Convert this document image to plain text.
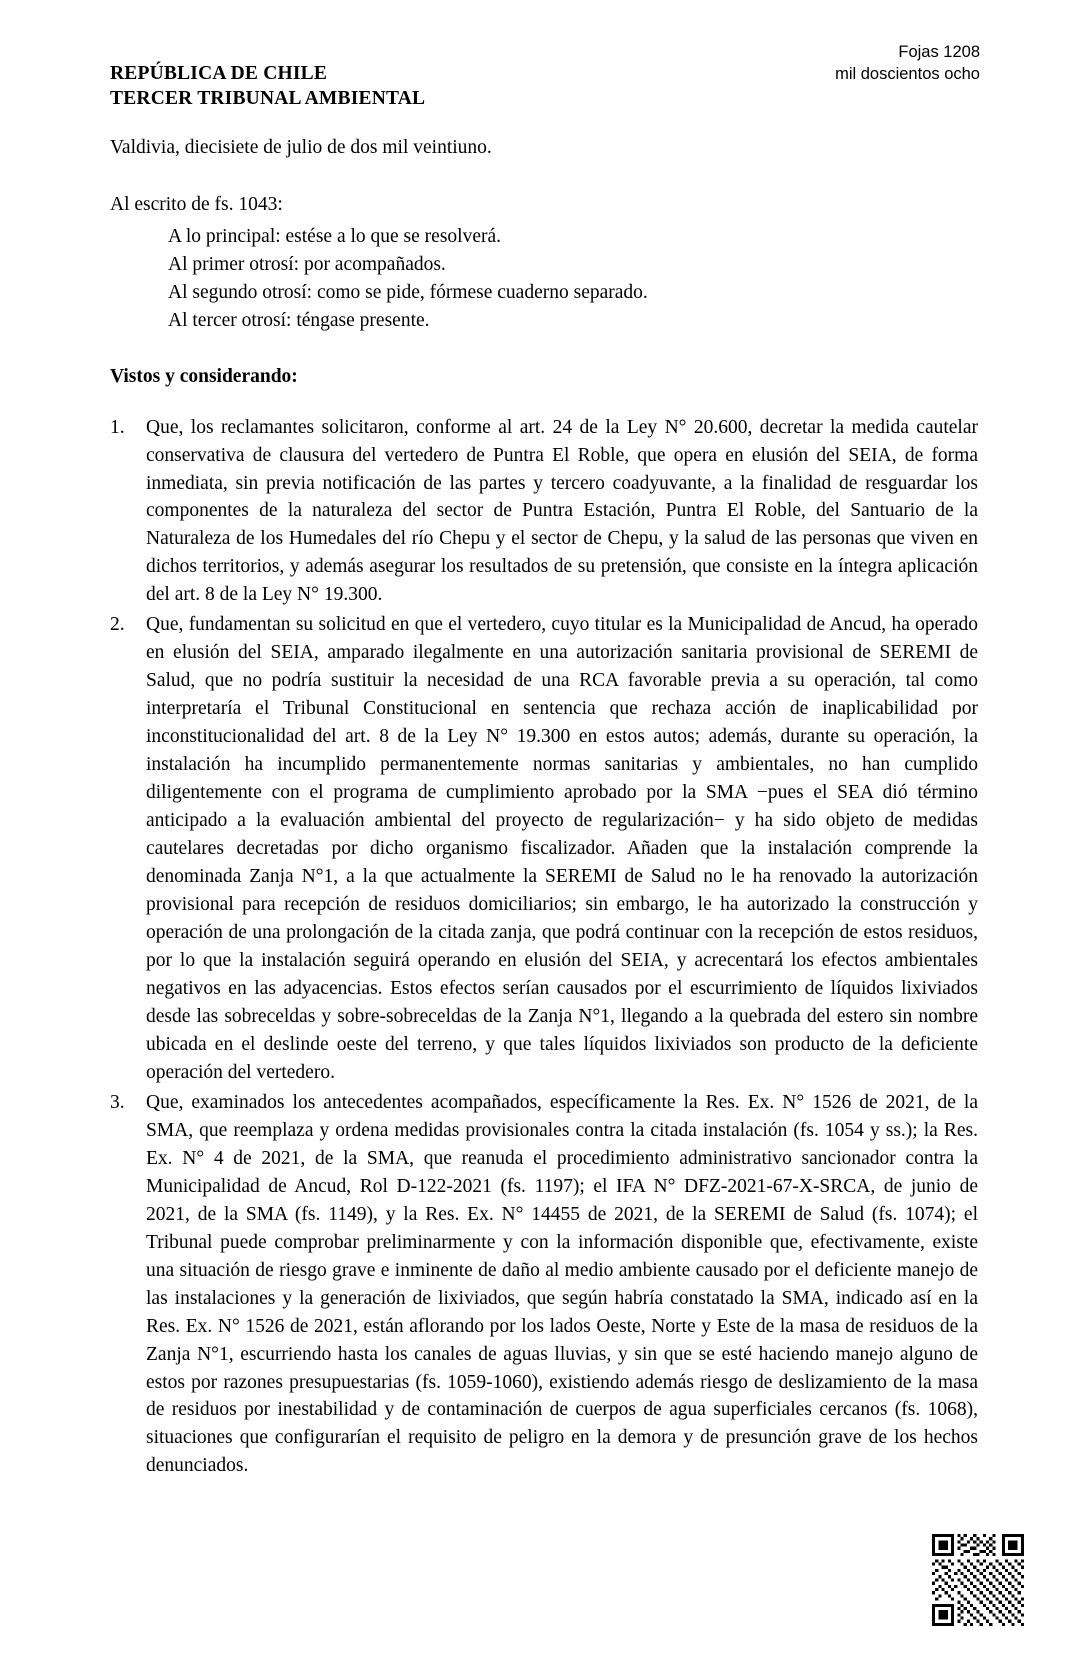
Fojas 1208
mil doscientos ocho
REPÚBLICA DE CHILE
TERCER TRIBUNAL AMBIENTAL
Valdivia, diecisiete de julio de dos mil veintiuno.
Al escrito de fs. 1043:
A lo principal: estése a lo que se resolverá.
Al primer otrosí: por acompañados.
Al segundo otrosí: como se pide, fórmese cuaderno separado.
Al tercer otrosí: téngase presente.
Vistos y considerando:
Que, los reclamantes solicitaron, conforme al art. 24 de la Ley N° 20.600, decretar la medida cautelar conservativa de clausura del vertedero de Puntra El Roble, que opera en elusión del SEIA, de forma inmediata, sin previa notificación de las partes y tercero coadyuvante, a la finalidad de resguardar los componentes de la naturaleza del sector de Puntra Estación, Puntra El Roble, del Santuario de la Naturaleza de los Humedales del río Chepu y el sector de Chepu, y la salud de las personas que viven en dichos territorios, y además asegurar los resultados de su pretensión, que consiste en la íntegra aplicación del art. 8 de la Ley N° 19.300.
Que, fundamentan su solicitud en que el vertedero, cuyo titular es la Municipalidad de Ancud, ha operado en elusión del SEIA, amparado ilegalmente en una autorización sanitaria provisional de SEREMI de Salud, que no podría sustituir la necesidad de una RCA favorable previa a su operación, tal como interpretaría el Tribunal Constitucional en sentencia que rechaza acción de inaplicabilidad por inconstitucionalidad del art. 8 de la Ley N° 19.300 en estos autos; además, durante su operación, la instalación ha incumplido permanentemente normas sanitarias y ambientales, no han cumplido diligentemente con el programa de cumplimiento aprobado por la SMA −pues el SEA dió término anticipado a la evaluación ambiental del proyecto de regularización− y ha sido objeto de medidas cautelares decretadas por dicho organismo fiscalizador. Añaden que la instalación comprende la denominada Zanja N°1, a la que actualmente la SEREMI de Salud no le ha renovado la autorización provisional para recepción de residuos domiciliarios; sin embargo, le ha autorizado la construcción y operación de una prolongación de la citada zanja, que podrá continuar con la recepción de estos residuos, por lo que la instalación seguirá operando en elusión del SEIA, y acrecentará los efectos ambientales negativos en las adyacencias. Estos efectos serían causados por el escurrimiento de líquidos lixiviados desde las sobreceldas y sobre-sobreceldas de la Zanja N°1, llegando a la quebrada del estero sin nombre ubicada en el deslinde oeste del terreno, y que tales líquidos lixiviados son producto de la deficiente operación del vertedero.
Que, examinados los antecedentes acompañados, específicamente la Res. Ex. N° 1526 de 2021, de la SMA, que reemplaza y ordena medidas provisionales contra la citada instalación (fs. 1054 y ss.); la Res. Ex. N° 4 de 2021, de la SMA, que reanuda el procedimiento administrativo sancionador contra la Municipalidad de Ancud, Rol D-122-2021 (fs. 1197); el IFA N° DFZ-2021-67-X-SRCA, de junio de 2021, de la SMA (fs. 1149), y la Res. Ex. N° 14455 de 2021, de la SEREMI de Salud (fs. 1074); el Tribunal puede comprobar preliminarmente y con la información disponible que, efectivamente, existe una situación de riesgo grave e inminente de daño al medio ambiente causado por el deficiente manejo de las instalaciones y la generación de lixiviados, que según habría constatado la SMA, indicado así en la Res. Ex. N° 1526 de 2021, están aflorando por los lados Oeste, Norte y Este de la masa de residuos de la Zanja N°1, escurriendo hasta los canales de aguas lluvias, y sin que se esté haciendo manejo alguno de estos por razones presupuestarias (fs. 1059-1060), existiendo además riesgo de deslizamiento de la masa de residuos por inestabilidad y de contaminación de cuerpos de agua superficiales cercanos (fs. 1068), situaciones que configurarían el requisito de peligro en la demora y de presunción grave de los hechos denunciados.
